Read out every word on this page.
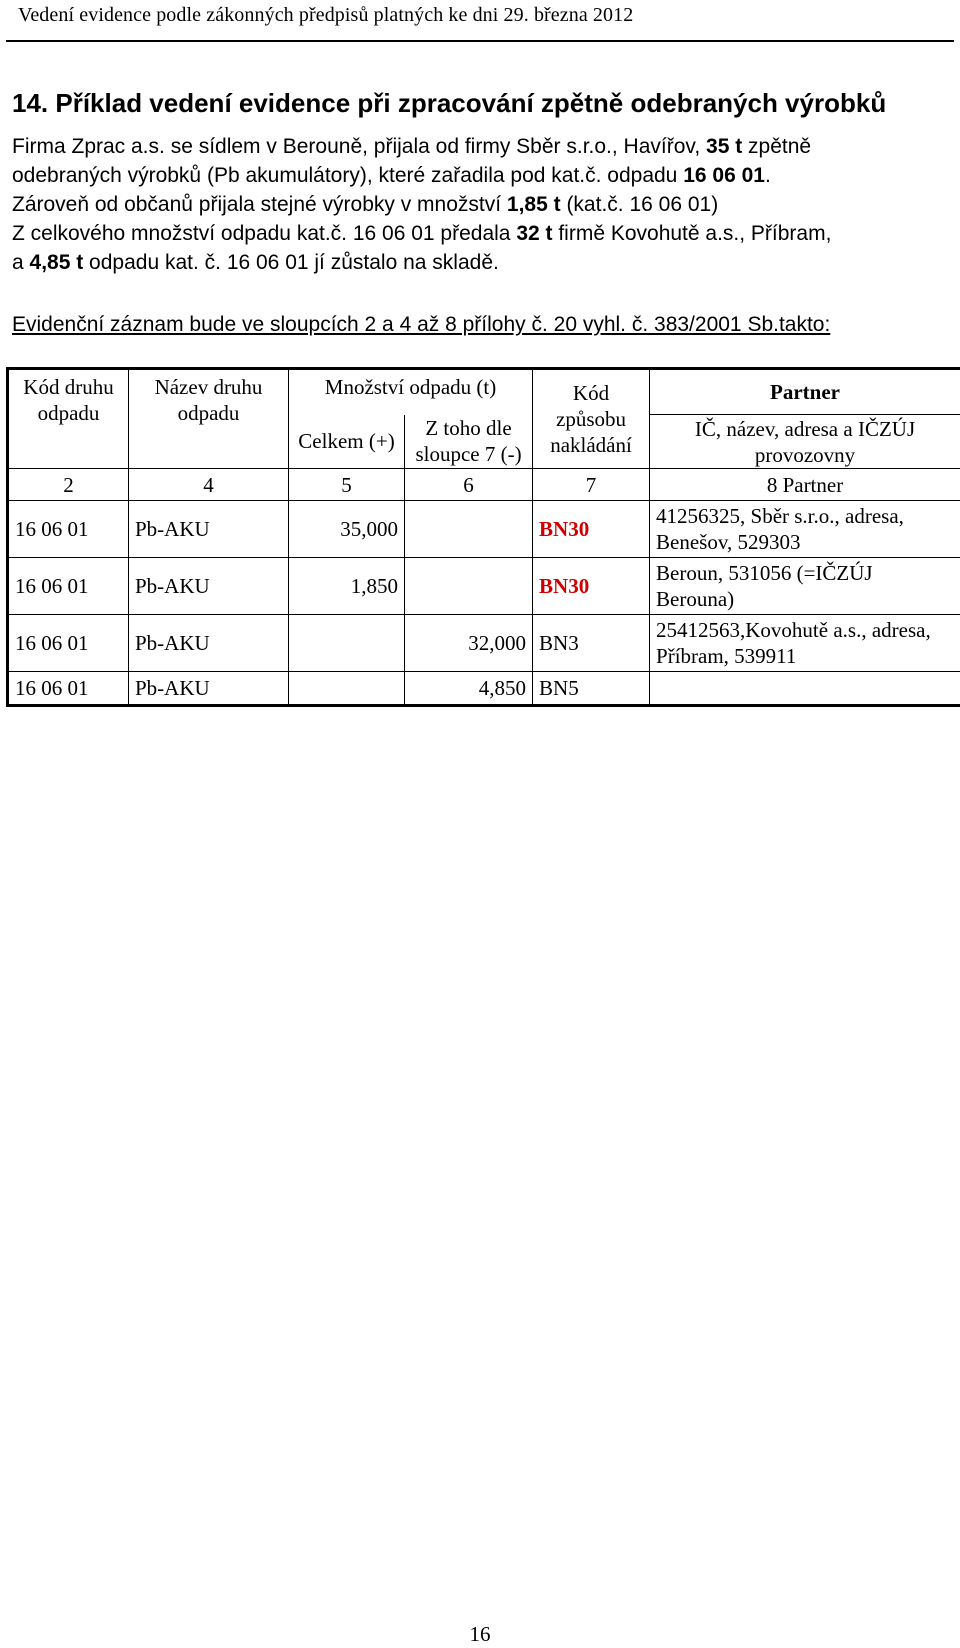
Vedení evidence podle zákonných předpisů platných ke dni 29. března 2012
14. Příklad vedení evidence při zpracování zpětně odebraných výrobků
Firma Zprac a.s. se sídlem v Berouně, přijala od firmy Sběr s.r.o., Havířov, 35 t zpětně
odebraných výrobků (Pb akumulátory), které zařadila pod kat.č. odpadu 16 06 01.
Zároveň od občanů přijala stejné výrobky v množství 1,85 t (kat.č. 16 06 01)
Z celkového množství odpadu kat.č. 16 06 01 předala 32 t firmě Kovohutě a.s., Příbram,
a 4,85 t odpadu kat. č. 16 06 01 jí zůstalo na skladě.
Evidenční záznam bude ve sloupcích 2 a 4 až 8 přílohy č. 20 vyhl. č. 383/2001 Sb.takto:
Kód druhu odpadu	Název druhu odpadu	Množství odpadu (t)		Kód způsobu nakládání	Partner
		Celkem (+)	Z toho dle sloupce 7 (-)		IČ, název, adresa a IČZÚJ provozovny
2	4	5	6	7	8 Partner
16 06 01	Pb-AKU	35,000		BN30	41256325, Sběr s.r.o., adresa, Benešov, 529303
16 06 01	Pb-AKU	1,850		BN30	Beroun, 531056 (=IČZÚJ Berouna)
16 06 01	Pb-AKU		32,000	BN3	25412563,Kovohutě a.s., adresa, Příbram, 539911
16 06 01	Pb-AKU		4,850	BN5	
16
